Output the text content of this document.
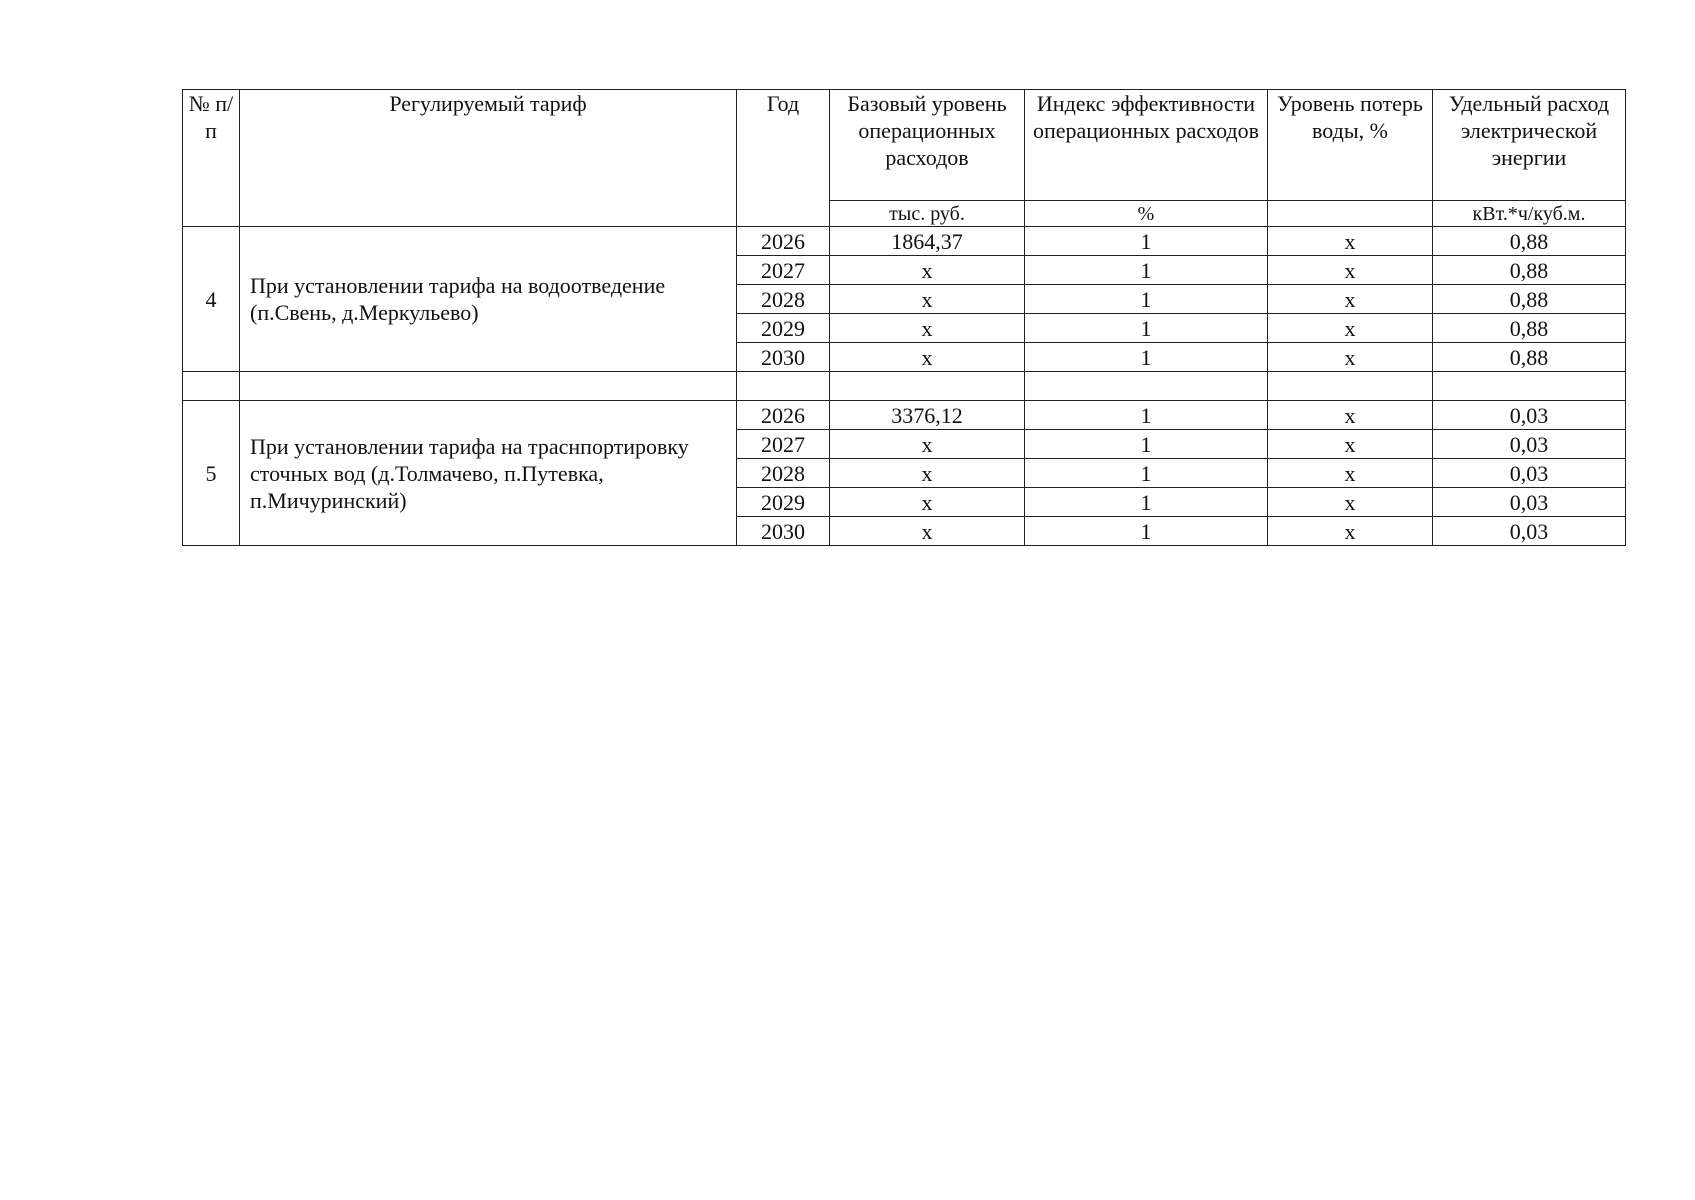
№ п/п	Регулируемый тариф	Год	Базовый уровень операционных расходов	Индекс эффективности операционных расходов	Уровень потерь воды, %	Удельный расход электрической энергии
			тыс. руб.	%		кВт.*ч/куб.м.
4	При установлении тарифа на водоотведение (п.Свень, д.Меркульево)	2026	1864,37	1	х	0,88
		2027	х	1	х	0,88
		2028	х	1	х	0,88
		2029	х	1	х	0,88
		2030	х	1	х	0,88

5	При установлении тарифа на траснпортировку сточных вод (д.Толмачево, п.Путевка, п.Мичуринский)	2026	3376,12	1	х	0,03
		2027	х	1	х	0,03
		2028	х	1	х	0,03
		2029	х	1	х	0,03
		2030	х	1	х	0,03
